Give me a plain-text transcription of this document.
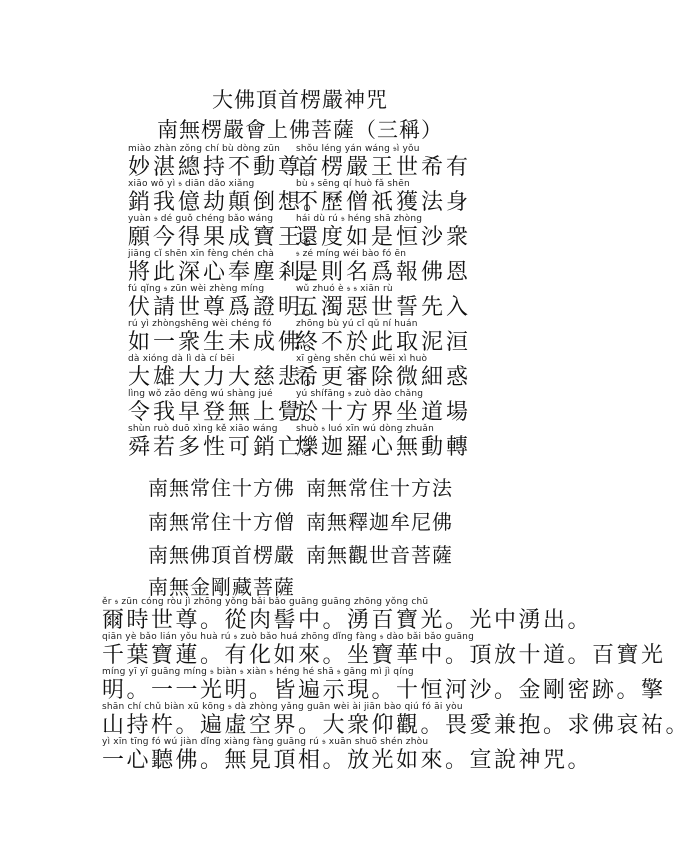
大佛頂首楞嚴神咒
南無楞嚴會上佛菩薩（三稱）
miào zhàn zǒng chí bù dòng zūn
妙湛總持不動尊。
shǒu léng yán wáng 𝔰ì yǒu
首楞嚴王世希有
xiāo wǒ yì 𝔰 diān dǎo xiǎng
銷我億劫顛倒想。
bù 𝔰 sēng qí huò fǎ shēn
不歷僧祇獲法身
yuàn 𝔰 dé guǒ chéng bǎo wáng
願今得果成寶王。
hái dù rú 𝔰 héng shā zhòng
還度如是恒沙衆
jiāng cǐ shēn xīn fèng chén chà
將此深心奉塵剎。
𝔰 zé míng wéi bào fó ēn
是則名爲報佛恩
fú qǐng 𝔰 zūn wèi zhèng míng
伏請世尊爲證明。
wǔ zhuó è 𝔰 𝔰 xiān rù
五濁惡世誓先入
rú yì zhòngshēng wèi chéng fó
如一衆生未成佛。
zhōng bù yú cǐ qǔ ní huán
終不於此取泥洹
dà xióng dà lì dà cí bēi
大雄大力大慈悲。
xī gèng shěn chú wēi xì huò
希更審除微細惑
lìng wǒ zǎo dēng wú shàng jué
令我早登無上覺。
yú shífāng 𝔰 zuò dào chǎng
於十方界坐道場
shùn ruò duō xìng kě xiāo wáng
舜若多性可銷亡。
shuò 𝔰 luó xīn wú dòng zhuǎn
爍迦羅心無動轉
南無常住十方佛 南無常住十方法
南無常住十方僧 南無釋迦牟尼佛
南無佛頂首楞嚴 南無觀世音菩薩
南無金剛藏菩薩
ěr 𝔰 zūn cóng ròu jì zhōng yǒng bǎi bǎo guāng guāng zhōng yǒng chū
爾時世尊。從肉髻中。湧百寶光。光中湧出。
qiān yè bǎo lián yǒu huà rú 𝔰 zuò bǎo huá zhōng dǐng fàng 𝔰 dào bǎi bǎo guāng
千葉寶蓮。有化如來。坐寶華中。頂放十道。百寶光
míng yī yī guāng míng 𝔰 biàn 𝔰 xiàn 𝔰 héng hé shā 𝔰 gāng mì jì qíng
明。一一光明。皆遍示現。十恒河沙。金剛密跡。擎
shān chí chǔ biàn xū kōng 𝔰 dà zhòng yǎng guān wèi ài jiān bào qiú fó āi yòu
山持杵。遍虛空界。大衆仰觀。畏愛兼抱。求佛哀祐。
yì xīn tīng fó wú jiàn dǐng xiàng fàng guāng rú 𝔰 xuān shuō shén zhòu
一心聽佛。無見頂相。放光如來。宣說神咒。
